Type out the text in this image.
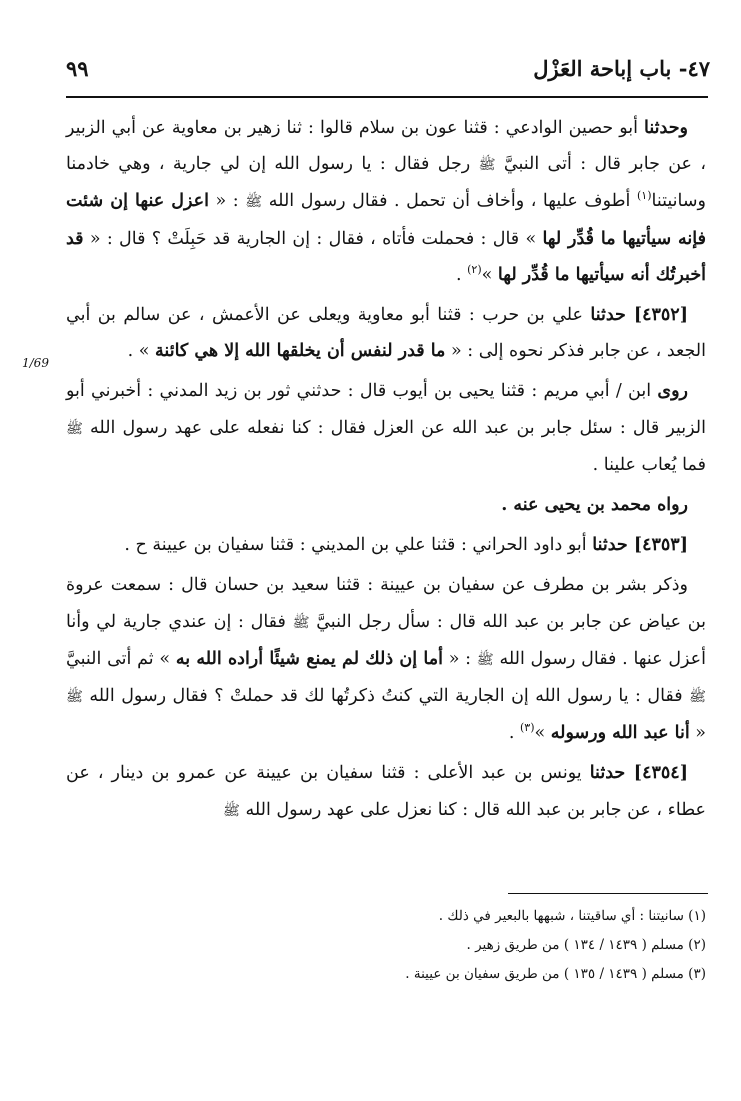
٤٧- باب إباحة العَزْل
٩٩
1/69

وحدثنا أبو حصين الوادعي : قثنا عون بن سلام قالوا : ثنا زهير بن معاوية عن أبي الزبير ، عن جابر قال : أتى النبيَّ ﷺ رجل فقال : يا رسول الله إن لي جارية ، وهي خادمنا وسانيتنا$^{(١)}$ أطوف عليها ، وأخاف أن تحمل . فقال رسول الله ﷺ : « اعزل عنها إن شئت فإنه سيأتيها ما قُدِّر لها » قال : فحملت فأتاه ، فقال : إن الجارية قد حَبِلَتْ ؟ قال : « قد أخبرتُك أنه سيأتيها ما قُدِّر لها »$^{(٢)}$ .

[٤٣٥٢] حدثنا علي بن حرب : قثنا أبو معاوية ويعلى عن الأعمش ، عن سالم بن أبي الجعد ، عن جابر فذكر نحوه إلى : « ما قدر لنفس أن يخلقها الله إلا هي كائنة » .

روى ابن / أبي مريم : قثنا يحيى بن أيوب قال : حدثني ثور بن زيد المدني : أخبرني أبو الزبير قال : سئل جابر بن عبد الله عن العزل فقال : كنا نفعله على عهد رسول الله ﷺ فما يُعاب علينا .

رواه محمد بن يحيى عنه .

[٤٣٥٣] حدثنا أبو داود الحراني : قثنا علي بن المديني : قثنا سفيان بن عيينة ح .

وذكر بشر بن مطرف عن سفيان بن عيينة : قثنا سعيد بن حسان قال : سمعت عروة بن عياض عن جابر بن عبد الله قال : سأل رجل النبيَّ ﷺ فقال : إن عندي جارية لي وأنا أعزل عنها . فقال رسول الله ﷺ : « أما إن ذلك لم يمنع شيئًا أراده الله به » ثم أتى النبيَّ ﷺ فقال : يا رسول الله إن الجارية التي كنتُ ذكرتُها لك قد حملتْ ؟ فقال رسول الله ﷺ « أنا عبد الله ورسوله »$^{(٣)}$ .

[٤٣٥٤] حدثنا يونس بن عبد الأعلى : قثنا سفيان بن عيينة عن عمرو بن دينار ، عن عطاء ، عن جابر بن عبد الله قال : كنا نعزل على عهد رسول الله ﷺ

(١) سانيتنا : أي ساقيتنا ، شبهها بالبعير في ذلك .

(٢) مسلم ( ١٤٣٩ / ١٣٤ ) من طريق زهير .

(٣) مسلم ( ١٤٣٩ / ١٣٥ ) من طريق سفيان بن عيينة .
